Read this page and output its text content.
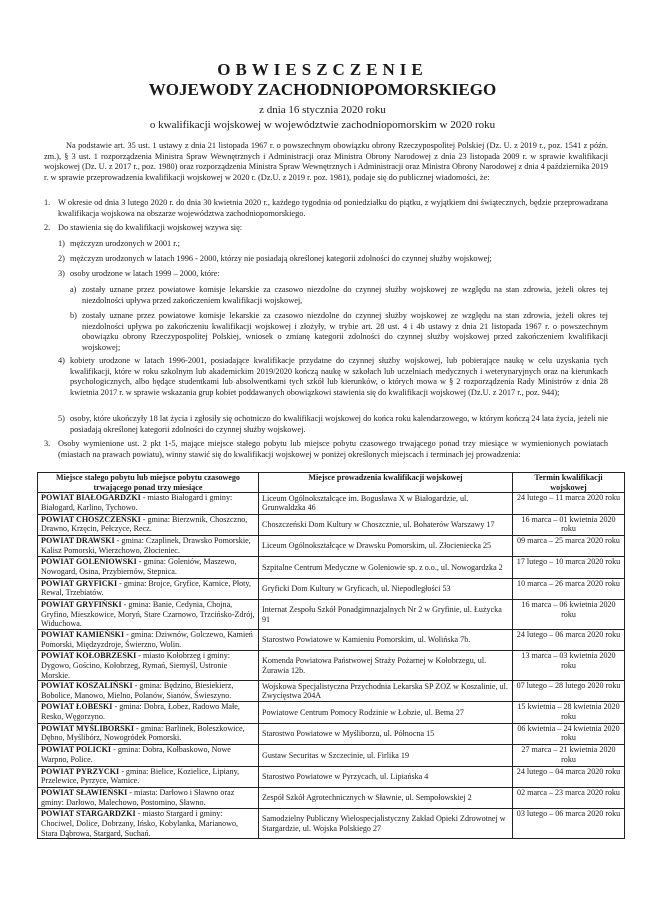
OBWIESZCZENIE
WOJEWODY ZACHODNIOPOMORSKIEGO
z dnia 16 stycznia 2020 roku
o kwalifikacji wojskowej w województwie zachodniopomorskim w 2020 roku

Na podstawie art. 35 ust. 1 ustawy z dnia 21 listopada 1967 r. o powszechnym obowiązku obrony Rzeczypospolitej Polskiej (Dz. U. z 2019 r., poz. 1541 z późn. zm.), § 3 ust. 1 rozporządzenia Ministra Spraw Wewnętrznych i Administracji oraz Ministra Obrony Narodowej z dnia 23 listopada 2009 r. w sprawie kwalifikacji wojskowej (Dz. U. z 2017 r., poz. 1980) oraz rozporządzenia Ministra Spraw Wewnętrznych i Administracji oraz Ministra Obrony Narodowej z dnia 4 października 2019 r. w sprawie przeprowadzenia kwalifikacji wojskowej w 2020 r. (Dz.U. z 2019 r. poz. 1981), podaje się do publicznej wiadomości, że:

1. W okresie od dnia 3 lutego 2020 r. do dnia 30 kwietnia 2020 r., każdego tygodnia od poniedziałku do piątku, z wyjątkiem dni świątecznych, będzie przeprowadzana kwalifikacja wojskowa na obszarze województwa zachodniopomorskiego.

2. Do stawienia się do kwalifikacji wojskowej wzywa się:

1) mężczyzn urodzonych w 2001 r.;

2) mężczyzn urodzonych w latach 1996 - 2000, którzy nie posiadają określonej kategorii zdolności do czynnej służby wojskowej;

3) osoby urodzone w latach 1999 – 2000, które:

a) zostały uznane przez powiatowe komisje lekarskie za czasowo niezdolne do czynnej służby wojskowej ze względu na stan zdrowia, jeżeli okres tej niezdolności upływa przed zakończeniem kwalifikacji wojskowej,

b) zostały uznane przez powiatowe komisje lekarskie za czasowo niezdolne do czynnej służby wojskowej ze względu na stan zdrowia, jeżeli okres tej niezdolności upływa po zakończeniu kwalifikacji wojskowej i złożyły, w trybie art. 28 ust. 4 i 4b ustawy z dnia 21 listopada 1967 r. o powszechnym obowiązku obrony Rzeczypospolitej Polskiej, wniosek o zmianę kategorii zdolności do czynnej służby wojskowej przed zakończeniem kwalifikacji wojskowej;

4) kobiety urodzone w latach 1996-2001, posiadające kwalifikacje przydatne do czynnej służby wojskowej, lub pobierające naukę w celu uzyskania tych kwalifikacji, które w roku szkolnym lub akademickim 2019/2020 kończą naukę w szkołach lub uczelniach medycznych i weterynaryjnych oraz na kierunkach psychologicznych, albo będące studentkami lub absolwentkami tych szkół lub kierunków, o których mowa w § 2 rozporządzenia Rady Ministrów z dnia 28 kwietnia 2017 r. w sprawie wskazania grup kobiet poddawanych obowiązkowi stawienia się do kwalifikacji wojskowej (Dz.U. z 2017 r., poz. 944);

5) osoby, które ukończyły 18 lat życia i zgłosiły się ochotniczo do kwalifikacji wojskowej do końca roku kalendarzowego, w którym kończą 24 lata życia, jeżeli nie posiadają określonej kategorii zdolności do czynnej służby wojskowej.

3. Osoby wymienione ust. 2 pkt 1-5, mające miejsce stałego pobytu lub miejsce pobytu czasowego trwającego ponad trzy miesiące w wymienionych powiatach (miastach na prawach powiatu), winny stawić się do kwalifikacji wojskowej w poniżej określonych miejscach i terminach jej prowadzenia:

Miejsce stałego pobytu lub miejsce pobytu czasowego trwającego ponad trzy miesiące	Miejsce prowadzenia kwalifikacji wojskowej	Termin kwalifikacji wojskowej
POWIAT BIAŁOGARDZKI - miasto Białogard i gminy: Białogard, Karlino, Tychowo.	Liceum Ogólnokształcące im. Bogusława X w Białogardzie, ul. Grunwaldzka 46	24 lutego – 11 marca 2020 roku
POWIAT CHOSZCZEŃSKI - gmina: Bierzwnik, Choszczno, Drawno, Krzęcin, Pełczyce, Recz.	Choszczeński Dom Kultury w Choszcznie, ul. Bohaterów Warszawy 17	16 marca – 01 kwietnia 2020 roku
POWIAT DRAWSKI - gmina: Czaplinek, Drawsko Pomorskie, Kalisz Pomorski, Wierzchowo, Złocieniec.	Liceum Ogólnokształcące w Drawsku Pomorskim, ul. Złocieniecka 25	09 marca – 25 marca 2020 roku
POWIAT GOLENIOWSKI - gmina: Goleniów, Maszewo, Nowogard, Osina, Przybiernów, Stepnica.	Szpitalne Centrum Medyczne w Goleniowie sp. z o.o., ul. Nowogardzka 2	17 lutego – 10 marca 2020 roku
POWIAT GRYFICKI - gmina: Brojce, Gryfice, Karnice, Płoty, Rewal, Trzebiatów.	Gryficki Dom Kultury w Gryficach, ul. Niepodległości 53	10 marca – 26 marca 2020 roku
POWIAT GRYFIŃSKI - gmina: Banie, Cedynia, Chojna, Gryfino, Mieszkowice, Moryń, Stare Czarnowo, Trzcińsko-Zdrój, Widuchowa.	Internat Zespołu Szkół Ponadgimnazjalnych Nr 2 w Gryfinie, ul. Łużycka 91	16 marca – 06 kwietnia 2020 roku
POWIAT KAMIEŃSKI - gmina: Dziwnów, Golczewo, Kamień Pomorski, Międzyzdroje, Świerzno, Wolin.	Starostwo Powiatowe w Kamieniu Pomorskim, ul. Wolińska 7b.	24 lutego – 06 marca 2020 roku
POWIAT KOŁOBRZESKI - miasto Kołobrzeg i gminy: Dygowo, Gościno, Kołobrzeg, Rymań, Siemyśl, Ustronie Morskie.	Komenda Powiatowa Państwowej Straży Pożarnej w Kołobrzegu, ul. Żurawia 12b.	13 marca – 03 kwietnia 2020 roku
POWIAT KOSZALIŃSKI - gmina: Będzino, Biesiekierz, Bobolice, Manowo, Mielno, Polanów, Sianów, Świeszyno.	Wojskowa Specjalistyczna Przychodnia Lekarska SP ZOZ w Koszalinie, ul. Zwycięstwa 204A	07 lutego – 28 lutego 2020 roku
POWIAT ŁOBESKI - gmina: Dobra, Łobez, Radowo Małe, Resko, Węgorzyno.	Powiatowe Centrum Pomocy Rodzinie w Łobzie, ul. Bema 27	15 kwietnia – 28 kwietnia 2020 roku
POWIAT MYŚLIBORSKI - gmina: Barlinek, Boleszkowice, Dębno, Myślibórz, Nowogródek Pomorski.	Starostwo Powiatowe w Myśliborzu, ul. Północna 15	06 kwietnia – 24 kwietnia 2020 roku
POWIAT POLICKI - gmina: Dobra, Kołbaskowo, Nowe Warpno, Police.	Gustaw Securitas w Szczecinie, ul. Firlika 19	27 marca – 21 kwietnia 2020 roku
POWIAT PYRZYCKI - gmina: Bielice, Kozielice, Lipiany, Przelewice, Pyrzyce, Warnice.	Starostwo Powiatowe w Pyrzycach, ul. Lipiańska 4	24 lutego – 04 marca 2020 roku
POWIAT SŁAWIEŃSKI - miasta: Darłowo i Sławno oraz gminy: Darłowo, Malechowo, Postomino, Sławno.	Zespół Szkół Agrotechnicznych w Sławnie, ul. Sempołowskiej 2	02 marca – 23 marca 2020 roku
POWIAT STARGARDZKI - miasto Stargard i gminy: Chociwel, Dolice, Dobrzany, Ińsko, Kobylanka, Marianowo, Stara Dąbrowa, Stargard, Suchań.	Samodzielny Publiczny Wielospecjalistyczny Zakład Opieki Zdrowotnej w Stargardzie, ul. Wojska Polskiego 27	03 lutego – 06 marca 2020 roku
